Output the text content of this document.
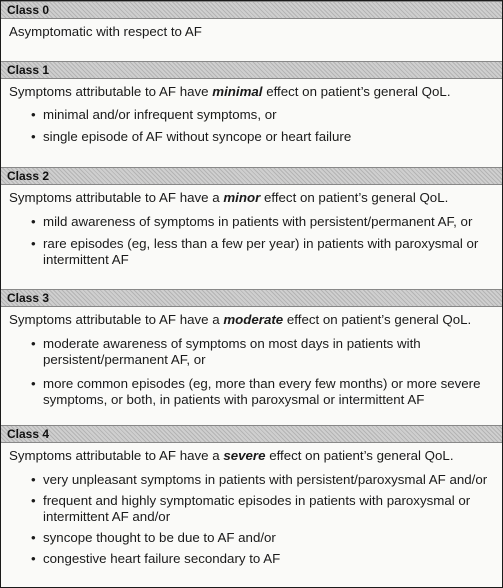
Class 0
Asymptomatic with respect to AF
Class 1
Symptoms attributable to AF have minimal effect on patient’s general QoL.
• minimal and/or infrequent symptoms, or
• single episode of AF without syncope or heart failure
Class 2
Symptoms attributable to AF have a minor effect on patient’s general QoL.
• mild awareness of symptoms in patients with persistent/permanent AF, or
• rare episodes (eg, less than a few per year) in patients with paroxysmal or intermittent AF
Class 3
Symptoms attributable to AF have a moderate effect on patient’s general QoL.
• moderate awareness of symptoms on most days in patients with persistent/permanent AF, or
• more common episodes (eg, more than every few months) or more severe symptoms, or both, in patients with paroxysmal or intermittent AF
Class 4
Symptoms attributable to AF have a severe effect on patient’s general QoL.
• very unpleasant symptoms in patients with persistent/paroxysmal AF and/or
• frequent and highly symptomatic episodes in patients with paroxysmal or intermittent AF and/or
• syncope thought to be due to AF and/or
• congestive heart failure secondary to AF
